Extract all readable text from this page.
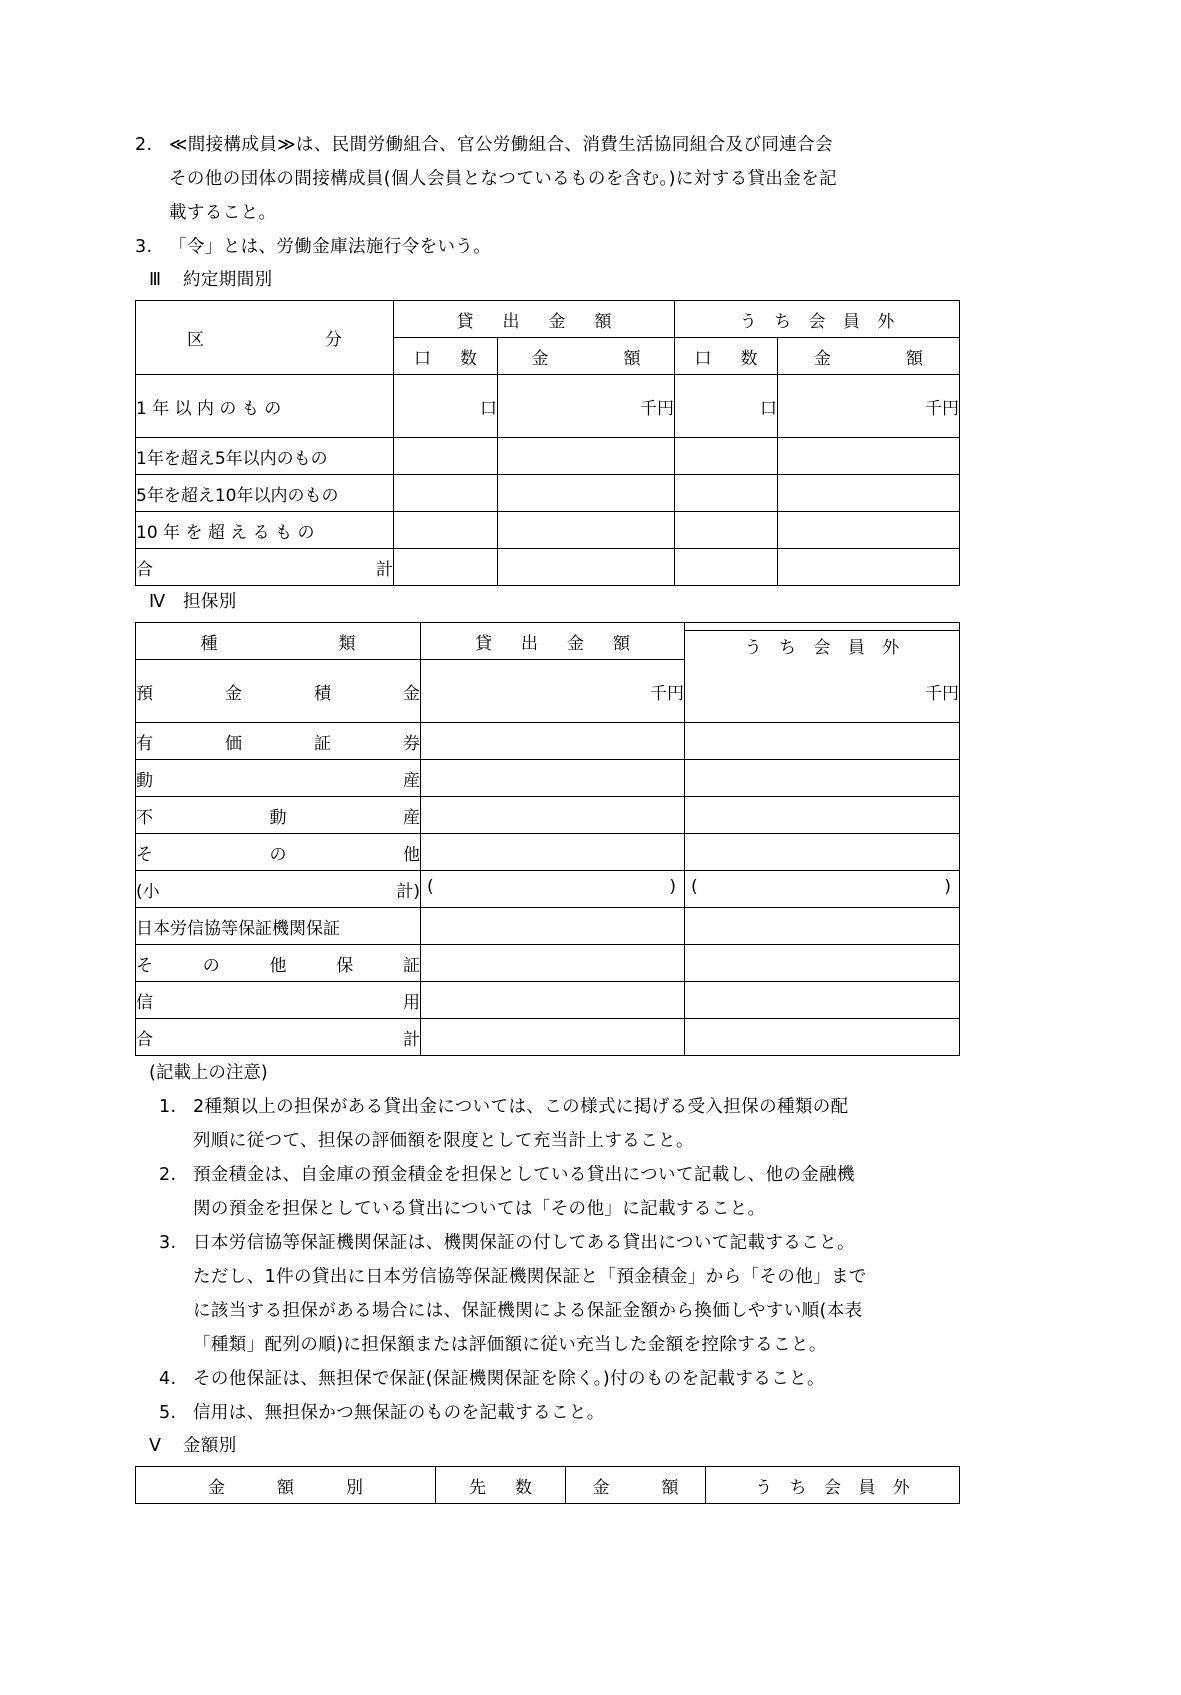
2. ≪間接構成員≫は、民間労働組合、官公労働組合、消費生活協同組合及び同連合会
その他の団体の間接構成員(個人会員となつているものを含む。)に対する貸出金を記
載すること。
3. 「令」とは、労働金庫法施行令をいう。
Ⅲ 約定期間別
区　　　　　分	貸　出　金　額		う ち 会 員 外	
	口　数	金　　　額	口　数	金　　　額
1 年 以 内 の も の	口	千円	口	千円
1年を超え5年以内のもの				
5年を超え10年以内のもの				
10 年 を 超 え る も の				

合 計				

Ⅳ 担保別
種　　　　　類	貸　出　金　額	う ち 会 員 外

預 金 積 金	千円	千円

有 価 証 券		

動 産		

不 動 産		

そ の 他		

(小 計)	( )	( )

日本労信協等保証機関保証		

そ の 他 保 証		

信 用		

合 計		

(記載上の注意)
1. 2種類以上の担保がある貸出金については、この様式に掲げる受入担保の種類の配
列順に従つて、担保の評価額を限度として充当計上すること。
2. 預金積金は、自金庫の預金積金を担保としている貸出について記載し、他の金融機
関の預金を担保としている貸出については「その他」に記載すること。
3. 日本労信協等保証機関保証は、機関保証の付してある貸出について記載すること。
ただし、1件の貸出に日本労信協等保証機関保証と「預金積金」から「その他」まで
に該当する担保がある場合には、保証機関による保証金額から換価しやすい順(本表
「種類」配列の順)に担保額または評価額に従い充当した金額を控除すること。
4. その他保証は、無担保で保証(保証機関保証を除く。)付のものを記載すること。
5. 信用は、無担保かつ無保証のものを記載すること。
Ⅴ 金額別
金　　額　　別	先　数	金　　額	う ち 会 員 外
